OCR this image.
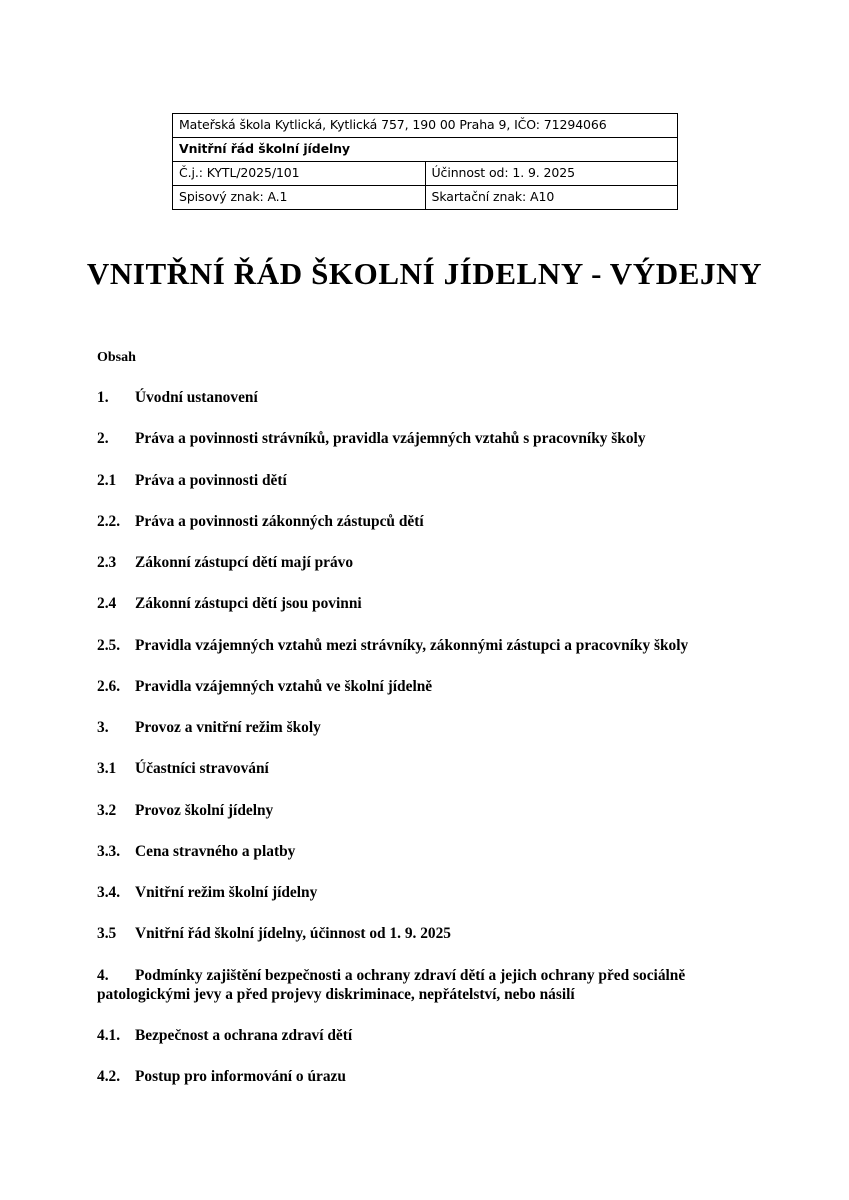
Mateřská škola Kytlická, Kytlická 757, 190 00 Praha 9, IČO: 71294066	
Vnitřní řád školní jídelny	
Č.j.: KYTL/2025/101	Účinnost od: 1. 9. 2025
Spisový znak: A.1	Skartační znak: A10
VNITŘNÍ ŘÁD ŠKOLNÍ JÍDELNY - VÝDEJNY
Obsah
1. Úvodní ustanovení
2. Práva a povinnosti strávníků, pravidla vzájemných vztahů s pracovníky školy
2.1 Práva a povinnosti dětí
2.2. Práva a povinnosti zákonných zástupců dětí
2.3 Zákonní zástupcí dětí mají právo
2.4 Zákonní zástupci dětí jsou povinni
2.5. Pravidla vzájemných vztahů mezi strávníky, zákonnými zástupci a pracovníky školy
2.6. Pravidla vzájemných vztahů ve školní jídelně
3. Provoz a vnitřní režim školy
3.1 Účastníci stravování
3.2 Provoz školní jídelny
3.3. Cena stravného a platby
3.4. Vnitřní režim školní jídelny
3.5 Vnitřní řád školní jídelny, účinnost od 1. 9. 2025
4. Podmínky zajištění bezpečnosti a ochrany zdraví dětí a jejich ochrany před sociálně patologickými jevy a před projevy diskriminace, nepřátelství, nebo násilí
4.1. Bezpečnost a ochrana zdraví dětí
4.2. Postup pro informování o úrazu
